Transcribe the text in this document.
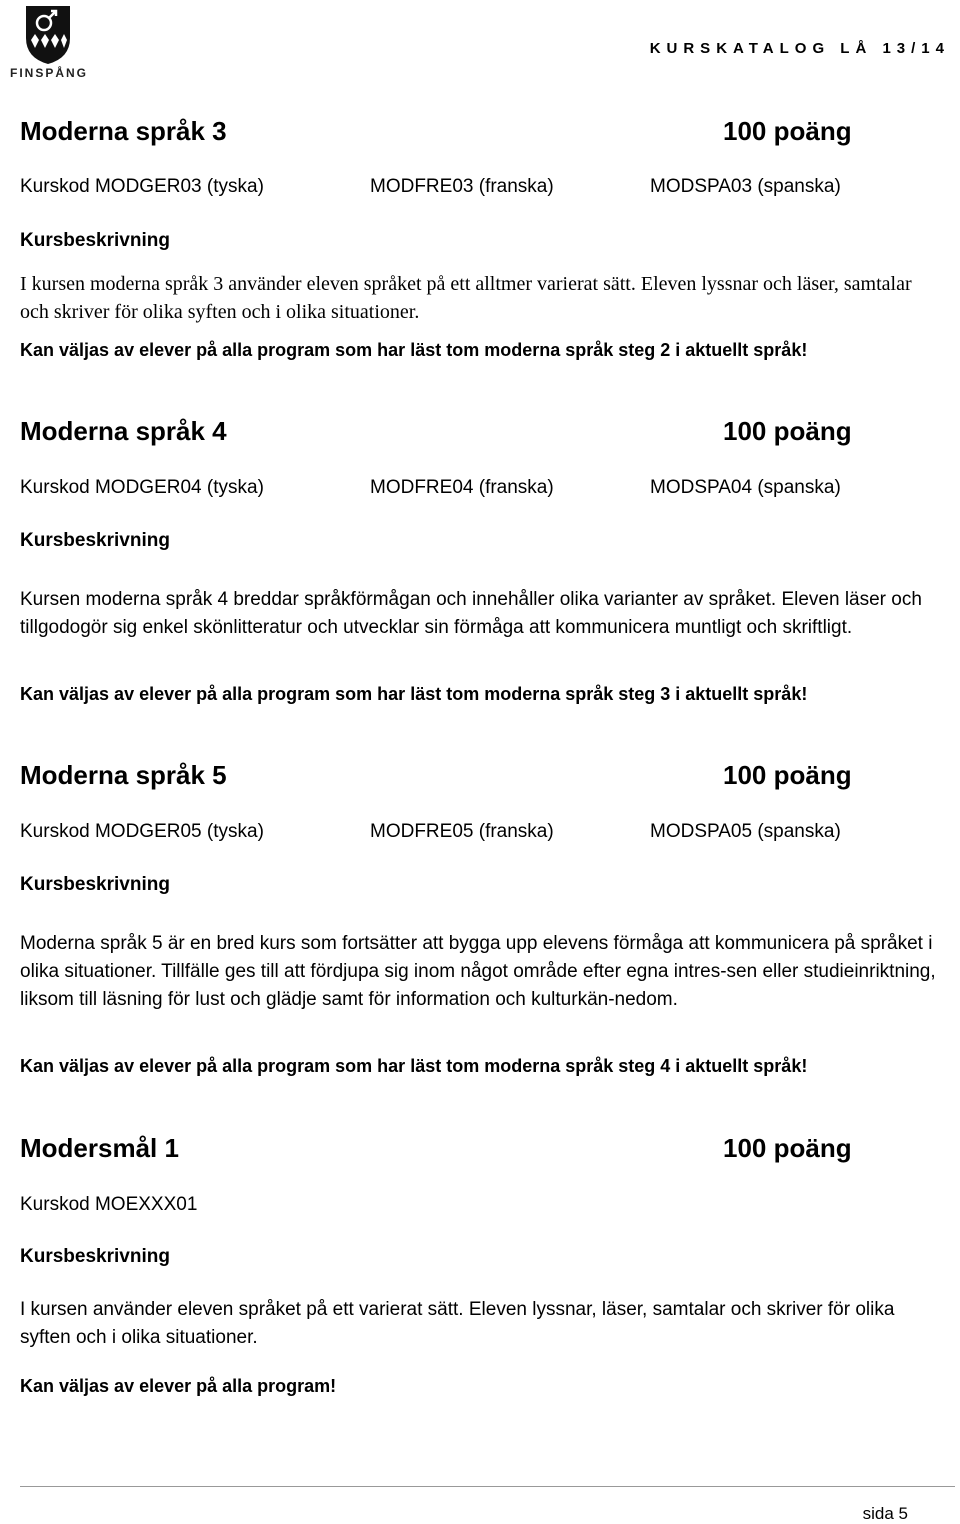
FINSPÅNG
KURSKATALOG LÅ 13/14
Moderna språk 3	100 poäng
Kurskod MODGER03 (tyska)	MODFRE03 (franska)	MODSPA03 (spanska)
Kursbeskrivning
I kursen moderna språk 3 använder eleven språket på ett alltmer varierat sätt. Eleven lyssnar och läser, samtalar och skriver för olika syften och i olika situationer.
Kan väljas av elever på alla program som har läst tom moderna språk steg 2 i aktuellt språk!
Moderna språk 4	100 poäng
Kurskod MODGER04 (tyska)	MODFRE04 (franska)	MODSPA04 (spanska)
Kursbeskrivning
Kursen moderna språk 4 breddar språkförmågan och innehåller olika varianter av språket. Eleven läser och tillgodogör sig enkel skönlitteratur och utvecklar sin förmåga att kommunicera muntligt och skriftligt.
Kan väljas av elever på alla program som har läst tom moderna språk steg 3 i aktuellt språk!
Moderna språk 5	100 poäng
Kurskod MODGER05 (tyska)	MODFRE05 (franska)	MODSPA05 (spanska)
Kursbeskrivning
Moderna språk 5 är en bred kurs som fortsätter att bygga upp elevens förmåga att kommunicera på språket i olika situationer. Tillfälle ges till att fördjupa sig inom något område efter egna intres-sen eller studieinriktning, liksom till läsning för lust och glädje samt för information och kulturkän-nedom.
Kan väljas av elever på alla program som har läst tom moderna språk steg 4 i aktuellt språk!
Modersmål 1	100 poäng
Kurskod MOEXXX01
Kursbeskrivning
I kursen använder eleven språket på ett varierat sätt. Eleven lyssnar, läser, samtalar och skriver för olika syften och i olika situationer.
Kan väljas av elever på alla program!
sida 5
